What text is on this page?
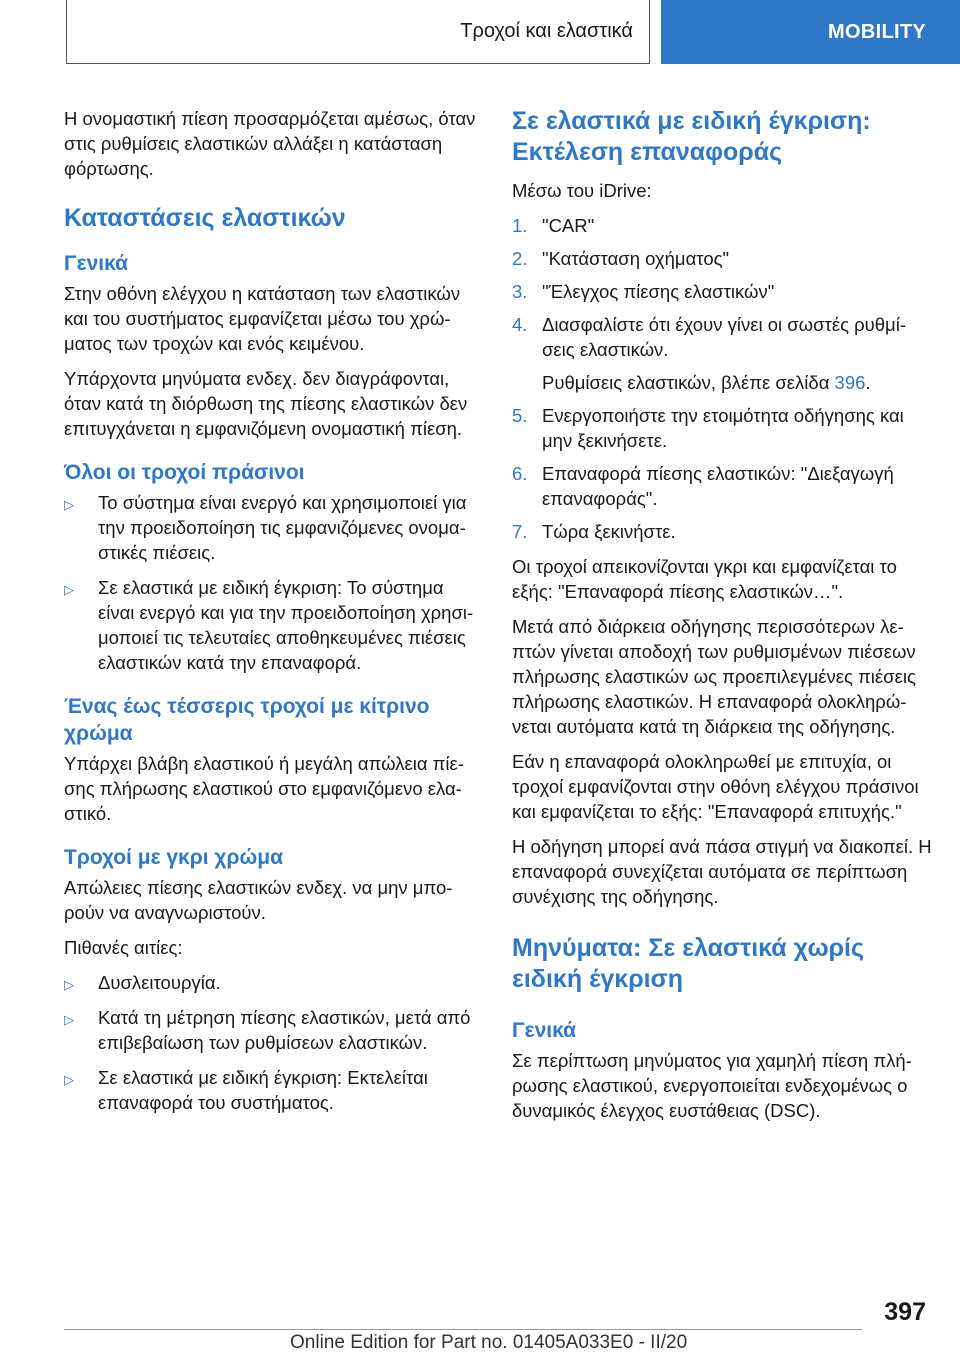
Τροχοί και ελαστικά	MOBILITY

Η ονομαστική πίεση προσαρμόζεται αμέσως, όταν στις ρυθμίσεις ελαστικών αλλάξει η κατάσταση φόρτωσης.

Καταστάσεις ελαστικών
Γενικά

Στην οθόνη ελέγχου η κατάσταση των ελαστικών και του συστήματος εμφανίζεται μέσω του χρώματος των τροχών και ενός κειμένου.

Υπάρχοντα μηνύματα ενδεχ. δεν διαγράφονται, όταν κατά τη διόρθωση της πίεσης ελαστικών δεν επιτυγχάνεται η εμφανιζόμενη ονομαστική πίεση.

Όλοι οι τροχοί πράσινοι
▷ Το σύστημα είναι ενεργό και χρησιμοποιεί για την προειδοποίηση τις εμφανιζόμενες ονομαστικές πιέσεις.
▷ Σε ελαστικά με ειδική έγκριση: Το σύστημα είναι ενεργό και για την προειδοποίηση χρησιμοποιεί τις τελευταίες αποθηκευμένες πιέσεις ελαστικών κατά την επαναφορά.
Ένας έως τέσσερις τροχοί με κίτρινο χρώμα

Υπάρχει βλάβη ελαστικού ή μεγάλη απώλεια πίεσης πλήρωσης ελαστικού στο εμφανιζόμενο ελαστικό.

Τροχοί με γκρι χρώμα

Απώλειες πίεσης ελαστικών ενδεχ. να μην μπορούν να αναγνωριστούν.

Πιθανές αιτίες:

▷ Δυσλειτουργία.
▷ Κατά τη μέτρηση πίεσης ελαστικών, μετά από επιβεβαίωση των ρυθμίσεων ελαστικών.
▷ Σε ελαστικά με ειδική έγκριση: Εκτελείται επαναφορά του συστήματος.
Σε ελαστικά με ειδική έγκριση: Εκτέλεση επαναφοράς

Μέσω του iDrive:

1. "CAR"
2. "Κατάσταση οχήματος"
3. "Έλεγχος πίεσης ελαστικών"
4. Διασφαλίστε ότι έχουν γίνει οι σωστές ρυθμίσεις ελαστικών.
Ρυθμίσεις ελαστικών, βλέπε σελίδα 396.
5. Ενεργοποιήστε την ετοιμότητα οδήγησης και μην ξεκινήσετε.
6. Επαναφορά πίεσης ελαστικών: "Διεξαγωγή επαναφοράς".
7. Τώρα ξεκινήστε.

Οι τροχοί απεικονίζονται γκρι και εμφανίζεται το εξής: "Επαναφορά πίεσης ελαστικών…".

Μετά από διάρκεια οδήγησης περισσότερων λεπτών γίνεται αποδοχή των ρυθμισμένων πιέσεων πλήρωσης ελαστικών ως προεπιλεγμένες πιέσεις πλήρωσης ελαστικών. Η επαναφορά ολοκληρώνεται αυτόματα κατά τη διάρκεια της οδήγησης.

Εάν η επαναφορά ολοκληρωθεί με επιτυχία, οι τροχοί εμφανίζονται στην οθόνη ελέγχου πράσινοι και εμφανίζεται το εξής: "Επαναφορά επιτυχής."

Η οδήγηση μπορεί ανά πάσα στιγμή να διακοπεί. Η επαναφορά συνεχίζεται αυτόματα σε περίπτωση συνέχισης της οδήγησης.

Μηνύματα: Σε ελαστικά χωρίς ειδική έγκριση
Γενικά

Σε περίπτωση μηνύματος για χαμηλή πίεση πλήρωσης ελαστικού, ενεργοποιείται ενδεχομένως ο δυναμικός έλεγχος ευστάθειας (DSC).

397
Online Edition for Part no. 01405A033E0 - II/20
